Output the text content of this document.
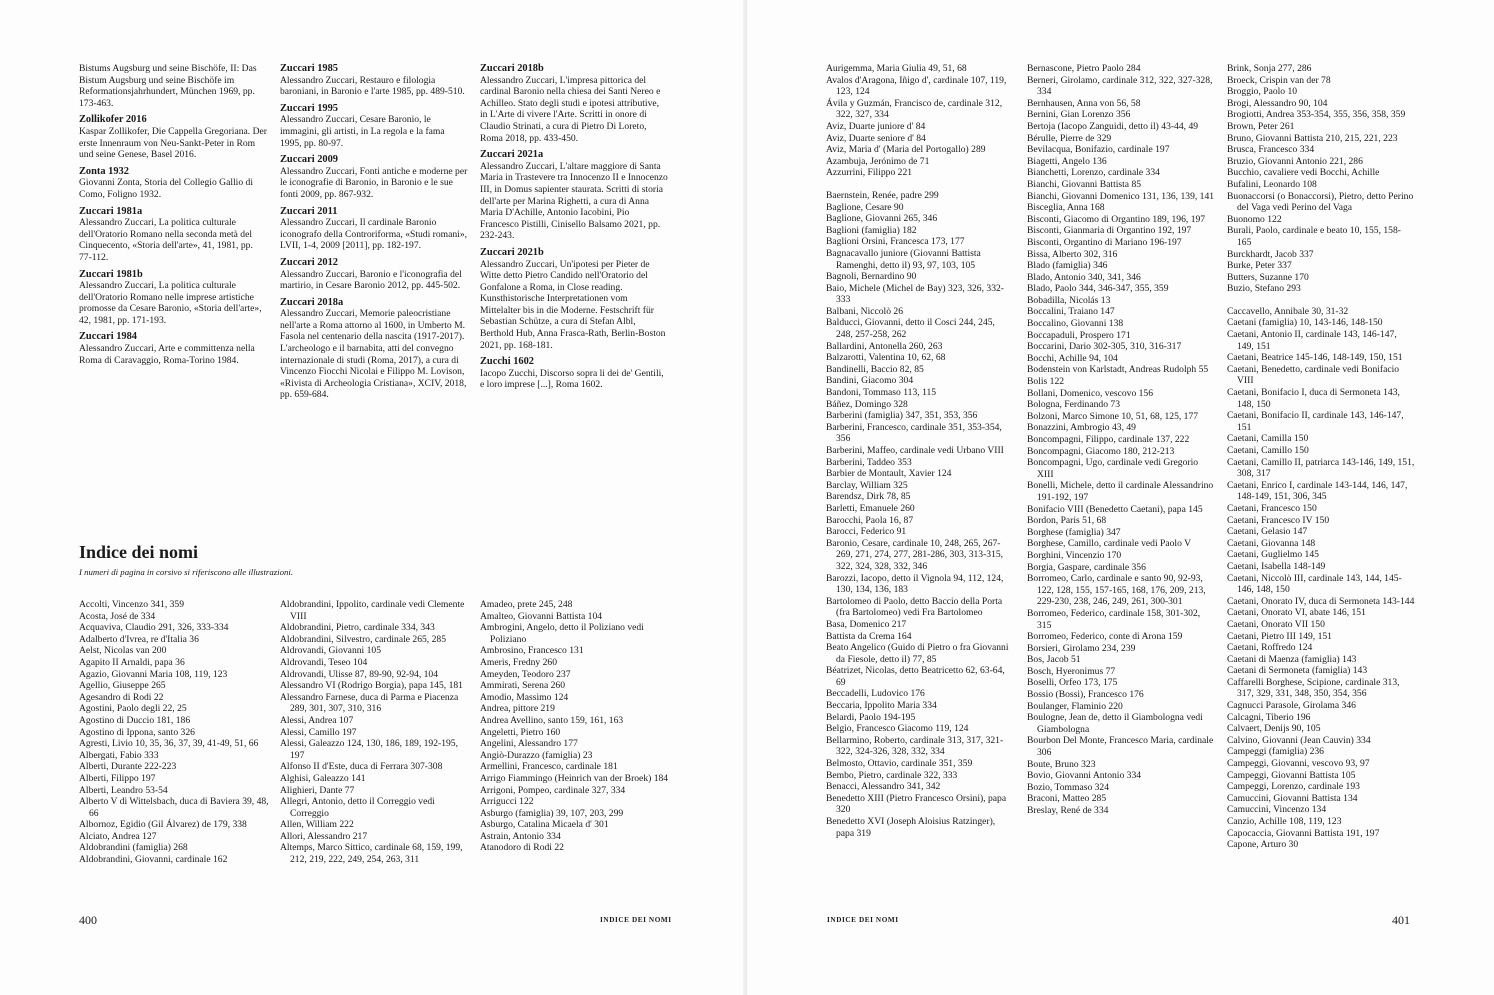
Bistums Augsburg und seine Bischöfe, II: Das Bistum Augsburg und seine Bischöfe im Reformationsjahrhundert, München 1969, pp. 173-463.
Zollikofer 2016
Kaspar Zollikofer, Die Cappella Gregoriana. Der erste Innenraum von Neu-Sankt-Peter in Rom und seine Genese, Basel 2016.
Zonta 1932
Giovanni Zonta, Storia del Collegio Gallio di Como, Foligno 1932.
Zuccari 1981a
Alessandro Zuccari, La politica culturale dell'Oratorio Romano nella seconda metà del Cinquecento, «Storia dell'arte», 41, 1981, pp. 77-112.
Zuccari 1981b
Alessandro Zuccari, La politica culturale dell'Oratorio Romano nelle imprese artistiche promosse da Cesare Baronio, «Storia dell'arte», 42, 1981, pp. 171-193.
Zuccari 1984
Alessandro Zuccari, Arte e committenza nella Roma di Caravaggio, Roma-Torino 1984.
Zuccari 1985
Alessandro Zuccari, Restauro e filologia baroniani, in Baronio e l'arte 1985, pp. 489-510.
Zuccari 1995
Alessandro Zuccari, Cesare Baronio, le immagini, gli artisti, in La regola e la fama 1995, pp. 80-97.
Zuccari 2009
Alessandro Zuccari, Fonti antiche e moderne per le iconografie di Baronio, in Baronio e le sue fonti 2009, pp. 867-932.
Zuccari 2011
Alessandro Zuccari, Il cardinale Baronio iconografo della Controriforma, «Studi romani», LVII, 1-4, 2009 [2011], pp. 182-197.
Zuccari 2012
Alessandro Zuccari, Baronio e l'iconografia del martirio, in Cesare Baronio 2012, pp. 445-502.
Zuccari 2018a
Alessandro Zuccari, Memorie paleocristiane nell'arte a Roma attorno al 1600, in Umberto M. Fasola nel centenario della nascita (1917-2017). L'archeologo e il barnabita, atti del convegno internazionale di studi (Roma, 2017), a cura di Vincenzo Fiocchi Nicolai e Filippo M. Lovison, «Rivista di Archeologia Cristiana», XCIV, 2018, pp. 659-684.
Zuccari 2018b
Alessandro Zuccari, L'impresa pittorica del cardinal Baronio nella chiesa dei Santi Nereo e Achilleo. Stato degli studi e ipotesi attributive, in L'Arte di vivere l'Arte. Scritti in onore di Claudio Strinati, a cura di Pietro Di Loreto, Roma 2018, pp. 433-450.
Zuccari 2021a
Alessandro Zuccari, L'altare maggiore di Santa Maria in Trastevere tra Innocenzo II e Innocenzo III, in Domus sapienter staurata. Scritti di storia dell'arte per Marina Righetti, a cura di Anna Maria D'Achille, Antonio Iacobini, Pio Francesco Pistilli, Cinisello Balsamo 2021, pp. 232-243.
Zuccari 2021b
Alessandro Zuccari, Un'ipotesi per Pieter de Witte detto Pietro Candido nell'Oratorio del Gonfalone a Roma, in Close reading. Kunsthistorische Interpretationen vom Mittelalter bis in die Moderne. Festschrift für Sebastian Schütze, a cura di Stefan Albl, Berthold Hub, Anna Frasca-Rath, Berlin-Boston 2021, pp. 168-181.
Zucchi 1602
Iacopo Zucchi, Discorso sopra li dei de' Gentili, e loro imprese [...], Roma 1602.
Indice dei nomi
I numeri di pagina in corsivo si riferiscono alle illustrazioni.
Accolti, Vincenzo 341, 359
Acosta, José de 334
Acquaviva, Claudio 291, 326, 333-334
Adalberto d'Ivrea, re d'Italia 36
Aelst, Nicolas van 200
Agapito II Arnaldi, papa 36
Agazio, Giovanni Maria 108, 119, 123
Agellio, Giuseppe 265
Agesandro di Rodi 22
Agostini, Paolo degli 22, 25
Agostino di Duccio 181, 186
Agostino di Ippona, santo 326
Agresti, Livio 10, 35, 36, 37, 39, 41-49, 51, 66
Albergati, Fabio 333
Alberti, Durante 222-223
Alberti, Filippo 197
Alberti, Leandro 53-54
Alberto V di Wittelsbach, duca di Baviera 39, 48, 66
Albornoz, Egidio (Gil Álvarez) de 179, 338
Alciato, Andrea 127
Aldobrandini (famiglia) 268
Aldobrandini, Giovanni, cardinale 162
Aldobrandini, Ippolito, cardinale vedi Clemente VIII
Aldobrandini, Pietro, cardinale 334, 343
Aldobrandini, Silvestro, cardinale 265, 285
Aldrovandi, Giovanni 105
Aldrovandi, Teseo 104
Aldrovandi, Ulisse 87, 89-90, 92-94, 104
Alessandro VI (Rodrigo Borgia), papa 145, 181
Alessandro Farnese, duca di Parma e Piacenza 289, 301, 307, 310, 316
Alessi, Andrea 107
Alessi, Camillo 197
Alessi, Galeazzo 124, 130, 186, 189, 192-195, 197
Alfonso II d'Este, duca di Ferrara 307-308
Alghisi, Galeazzo 141
Alighieri, Dante 77
Allegri, Antonio, detto il Correggio vedi Correggio
Allen, William 222
Allori, Alessandro 217
Altemps, Marco Sittico, cardinale 68, 159, 199, 212, 219, 222, 249, 254, 263, 311
Amadeo, prete 245, 248
Amalteo, Giovanni Battista 104
Ambrogini, Angelo, detto il Poliziano vedi Poliziano
Ambrosino, Francesco 131
Ameris, Fredny 260
Ameyden, Teodoro 237
Ammirati, Serena 260
Amodio, Massimo 124
Andrea, pittore 219
Andrea Avellino, santo 159, 161, 163
Angeletti, Pietro 160
Angelini, Alessandro 177
Angiò-Durazzo (famiglia) 23
Armellini, Francesco, cardinale 181
Arrigo Fiammingo (Heinrich van der Broek) 184
Arrigoni, Pompeo, cardinale 327, 334
Arrigucci 122
Asburgo (famiglia) 39, 107, 203, 299
Asburgo, Catalina Micaela d' 301
Astrain, Antonio 334
Atanodoro di Rodi 22
400	INDICE DEI NOMI
Aurigemma, Maria Giulia 49, 51, 68
Avalos d'Aragona, Iñigo d', cardinale 107, 119, 123, 124
Ávila y Guzmán, Francisco de, cardinale 312, 322, 327, 334
Aviz, Duarte juniore d' 84
Aviz, Duarte seniore d' 84
Aviz, Maria d' (Maria del Portogallo) 289
Azambuja, Jerónimo de 71
Azzurrini, Filippo 221
Baernstein, Renée, padre 299
Baglione, Cesare 90
Baglione, Giovanni 265, 346
Baglioni (famiglia) 182
Baglioni Orsini, Francesca 173, 177
Bagnacavallo juniore (Giovanni Battista Ramenghi, detto il) 93, 97, 103, 105
Bagnoli, Bernardino 90
Baio, Michele (Michel de Bay) 323, 326, 332-333
Balbani, Niccolò 26
Balducci, Giovanni, detto il Cosci 244, 245, 248, 257-258, 262
Ballardini, Antonella 260, 263
Balzarotti, Valentina 10, 62, 68
Bandinelli, Baccio 82, 85
Bandini, Giacomo 304
Bandoni, Tommaso 113, 115
Báñez, Domingo 328
Barberini (famiglia) 347, 351, 353, 356
Barberini, Francesco, cardinale 351, 353-354, 356
Barberini, Maffeo, cardinale vedi Urbano VIII
Barberini, Taddeo 353
Barbier de Montault, Xavier 124
Barclay, William 325
Barendsz, Dirk 78, 85
Barletti, Emanuele 260
Barocchi, Paola 16, 87
Barocci, Federico 91
Baronio, Cesare, cardinale 10, 248, 265, 267-269, 271, 274, 277, 281-286, 303, 313-315, 322, 324, 328, 332, 346
Barozzi, Iacopo, detto il Vignola 94, 112, 124, 130, 134, 136, 183
Bartolomeo di Paolo, detto Baccio della Porta (fra Bartolomeo) vedi Fra Bartolomeo
Basa, Domenico 217
Battista da Crema 164
Beato Angelico (Guido di Pietro o fra Giovanni da Fiesole, detto il) 77, 85
Béatrizet, Nicolas, detto Beatricetto 62, 63-64, 69
Beccadelli, Ludovico 176
Beccaria, Ippolito Maria 334
Belardi, Paolo 194-195
Belgio, Francesco Giacomo 119, 124
Bellarmino, Roberto, cardinale 313, 317, 321-322, 324-326, 328, 332, 334
Belmosto, Ottavio, cardinale 351, 359
Bembo, Pietro, cardinale 322, 333
Benacci, Alessandro 341, 342
Benedetto XIII (Pietro Francesco Orsini), papa 320
Benedetto XVI (Joseph Aloisius Ratzinger), papa 319
Bernascone, Pietro Paolo 284
Berneri, Girolamo, cardinale 312, 322, 327-328, 334
Bernhausen, Anna von 56, 58
Bernini, Gian Lorenzo 356
Bertoja (Iacopo Zanguidi, detto il) 43-44, 49
Bérulle, Pierre de 329
Bevilacqua, Bonifazio, cardinale 197
Biagetti, Angelo 136
Bianchetti, Lorenzo, cardinale 334
Bianchi, Giovanni Battista 85
Bianchi, Giovanni Domenico 131, 136, 139, 141
Bisceglia, Anna 168
Bisconti, Giacomo di Organtino 189, 196, 197
Bisconti, Gianmaria di Organtino 192, 197
Bisconti, Organtino di Mariano 196-197
Bissa, Alberto 302, 316
Blado (famiglia) 346
Blado, Antonio 340, 341, 346
Blado, Paolo 344, 346-347, 355, 359
Bobadilla, Nicolás 13
Boccalini, Traiano 147
Boccalino, Giovanni 138
Boccapaduli, Prospero 171
Boccarini, Dario 302-305, 310, 316-317
Bocchi, Achille 94, 104
Bodenstein von Karlstadt, Andreas Rudolph 55
Bolis 122
Bollani, Domenico, vescovo 156
Bologna, Ferdinando 73
Bolzoni, Marco Simone 10, 51, 68, 125, 177
Bonazzini, Ambrogio 43, 49
Boncompagni, Filippo, cardinale 137, 222
Boncompagni, Giacomo 180, 212-213
Boncompagni, Ugo, cardinale vedi Gregorio XIII
Bonelli, Michele, detto il cardinale Alessandrino 191-192, 197
Bonifacio VIII (Benedetto Caetani), papa 145
Bordon, Paris 51, 68
Borghese (famiglia) 347
Borghese, Camillo, cardinale vedi Paolo V
Borghini, Vincenzio 170
Borgia, Gaspare, cardinale 356
Borromeo, Carlo, cardinale e santo 90, 92-93, 122, 128, 155, 157-165, 168, 176, 209, 213, 229-230, 238, 246, 249, 261, 300-301
Borromeo, Federico, cardinale 158, 301-302, 315
Borromeo, Federico, conte di Arona 159
Borsieri, Girolamo 234, 239
Bos, Jacob 51
Bosch, Hyeronimus 77
Boselli, Orfeo 173, 175
Bossio (Bossi), Francesco 176
Boulanger, Flaminio 220
Boulogne, Jean de, detto il Giambologna vedi Giambologna
Bourbon Del Monte, Francesco Maria, cardinale 306
Boute, Bruno 323
Bovio, Giovanni Antonio 334
Bozio, Tommaso 324
Braconi, Matteo 285
Breslay, René de 334
Brink, Sonja 277, 286
Broeck, Crispin van der 78
Broggio, Paolo 10
Brogi, Alessandro 90, 104
Brogiotti, Andrea 353-354, 355, 356, 358, 359
Brown, Peter 261
Bruno, Giovanni Battista 210, 215, 221, 223
Brusca, Francesco 334
Bruzio, Giovanni Antonio 221, 286
Bucchio, cavaliere vedi Bocchi, Achille
Bufalini, Leonardo 108
Buonaccorsi (o Bonaccorsi), Pietro, detto Perino del Vaga vedi Perino del Vaga
Buonomo 122
Burali, Paolo, cardinale e beato 10, 155, 158-165
Burckhardt, Jacob 337
Burke, Peter 337
Butters, Suzanne 170
Buzio, Stefano 293
Caccavello, Annibale 30, 31-32
Caetani (famiglia) 10, 143-146, 148-150
Caetani, Antonio II, cardinale 143, 146-147, 149, 151
Caetani, Beatrice 145-146, 148-149, 150, 151
Caetani, Benedetto, cardinale vedi Bonifacio VIII
Caetani, Bonifacio I, duca di Sermoneta 143, 148, 150
Caetani, Bonifacio II, cardinale 143, 146-147, 151
Caetani, Camilla 150
Caetani, Camillo 150
Caetani, Camillo II, patriarca 143-146, 149, 151, 308, 317
Caetani, Enrico I, cardinale 143-144, 146, 147, 148-149, 151, 306, 345
Caetani, Francesco 150
Caetani, Francesco IV 150
Caetani, Gelasio 147
Caetani, Giovanna 148
Caetani, Guglielmo 145
Caetani, Isabella 148-149
Caetani, Niccolò III, cardinale 143, 144, 145-146, 148, 150
Caetani, Onorato IV, duca di Sermoneta 143-144
Caetani, Onorato VI, abate 146, 151
Caetani, Onorato VII 150
Caetani, Pietro III 149, 151
Caetani, Roffredo 124
Caetani di Maenza (famiglia) 143
Caetani di Sermoneta (famiglia) 143
Caffarelli Borghese, Scipione, cardinale 313, 317, 329, 331, 348, 350, 354, 356
Cagnucci Parasole, Girolama 346
Calcagni, Tiberio 196
Calvaert, Denijs 90, 105
Calvino, Giovanni (Jean Cauvin) 334
Campeggi (famiglia) 236
Campeggi, Giovanni, vescovo 93, 97
Campeggi, Giovanni Battista 105
Campeggi, Lorenzo, cardinale 193
Camuccini, Giovanni Battista 134
Camuccini, Vincenzo 134
Canzio, Achille 108, 119, 123
Capocaccia, Giovanni Battista 191, 197
Capone, Arturo 30
INDICE DEI NOMI	401
